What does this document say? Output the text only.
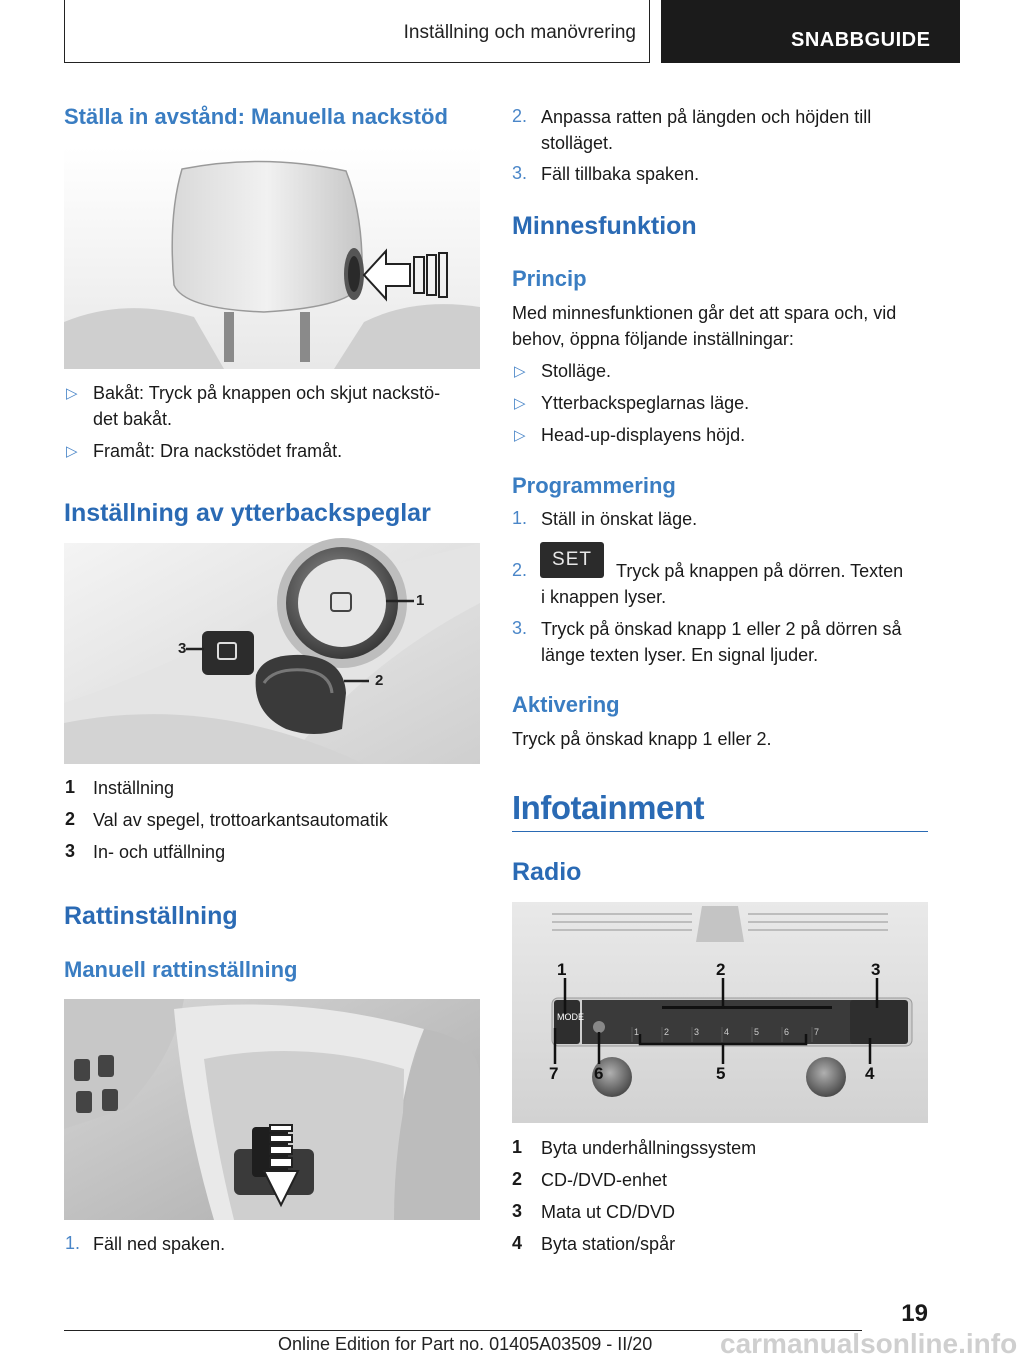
Inställning och manövrering	SNABBGUIDE
Ställa in avstånd: Manuella nackstöd
▷ Bakåt: Tryck på knappen och skjut nackstö-
det bakåt.
▷ Framåt: Dra nackstödet framåt.
Inställning av ytterbackspeglar
1
2
3
1 Inställning
2 Val av spegel, trottoarkantsautomatik
3 In- och utfällning
Rattinställning
Manuell rattinställning
1. Fäll ned spaken.
2. Anpassa ratten på längden och höjden till
stolläget.
3. Fäll tillbaka spaken.
Minnesfunktion
Princip
Med minnesfunktionen går det att spara och, vid
behov, öppna följande inställningar:
▷ Stolläge.
▷ Ytterbackspeglarnas läge.
▷ Head-up-displayens höjd.
Programmering
1. Ställ in önskat läge.
2.	SET
Tryck på knappen på dörren. Texten
i knappen lyser.
3. Tryck på önskad knapp 1 eller 2 på dörren så
länge texten lyser. En signal ljuder.
Aktivering
Tryck på önskad knapp 1 eller 2.
Infotainment
Radio
MODE
1	2	3	4	5	6	7
1	2	3
4
5
6
7
1 Byta underhållningssystem
2 CD-/DVD-enhet
3 Mata ut CD/DVD
4 Byta station/spår
19
carmanualsonline.info
Online Edition for Part no. 01405A03509 - II/20
